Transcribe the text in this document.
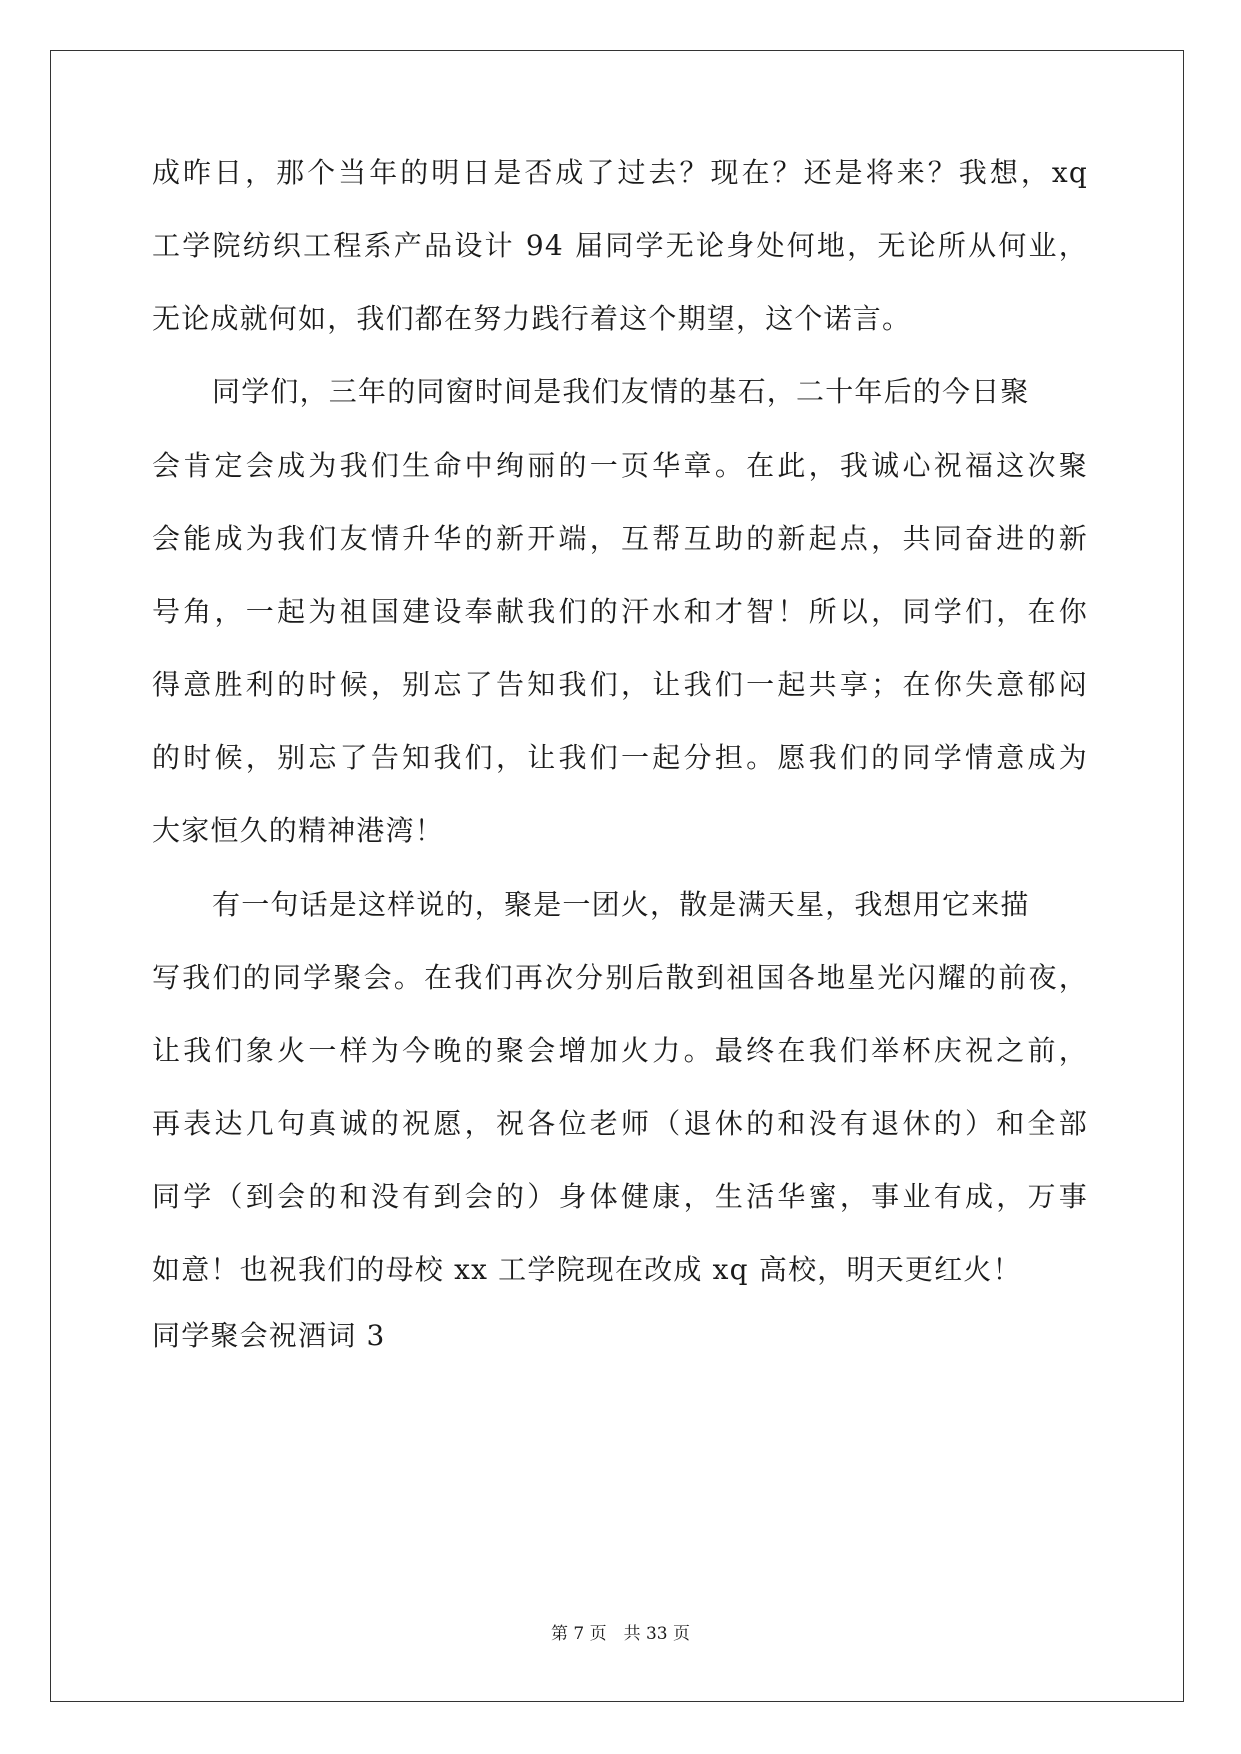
成昨日，那个当年的明日是否成了过去？现在？还是将来？我想，xq
工学院纺织工程系产品设计 94 届同学无论身处何地，无论所从何业，
无论成就何如，我们都在努力践行着这个期望，这个诺言。
同学们，三年的同窗时间是我们友情的基石，二十年后的今日聚
会肯定会成为我们生命中绚丽的一页华章。在此，我诚心祝福这次聚
会能成为我们友情升华的新开端，互帮互助的新起点，共同奋进的新
号角，一起为祖国建设奉献我们的汗水和才智！所以，同学们，在你
得意胜利的时候，别忘了告知我们，让我们一起共享；在你失意郁闷
的时候，别忘了告知我们，让我们一起分担。愿我们的同学情意成为
大家恒久的精神港湾！
有一句话是这样说的，聚是一团火，散是满天星，我想用它来描
写我们的同学聚会。在我们再次分别后散到祖国各地星光闪耀的前夜，
让我们象火一样为今晚的聚会增加火力。最终在我们举杯庆祝之前，
再表达几句真诚的祝愿，祝各位老师（退休的和没有退休的）和全部
同学（到会的和没有到会的）身体健康，生活华蜜，事业有成，万事
如意！也祝我们的母校 xx 工学院现在改成 xq 高校，明天更红火！
同学聚会祝酒词 3
第 7 页　共 33 页
